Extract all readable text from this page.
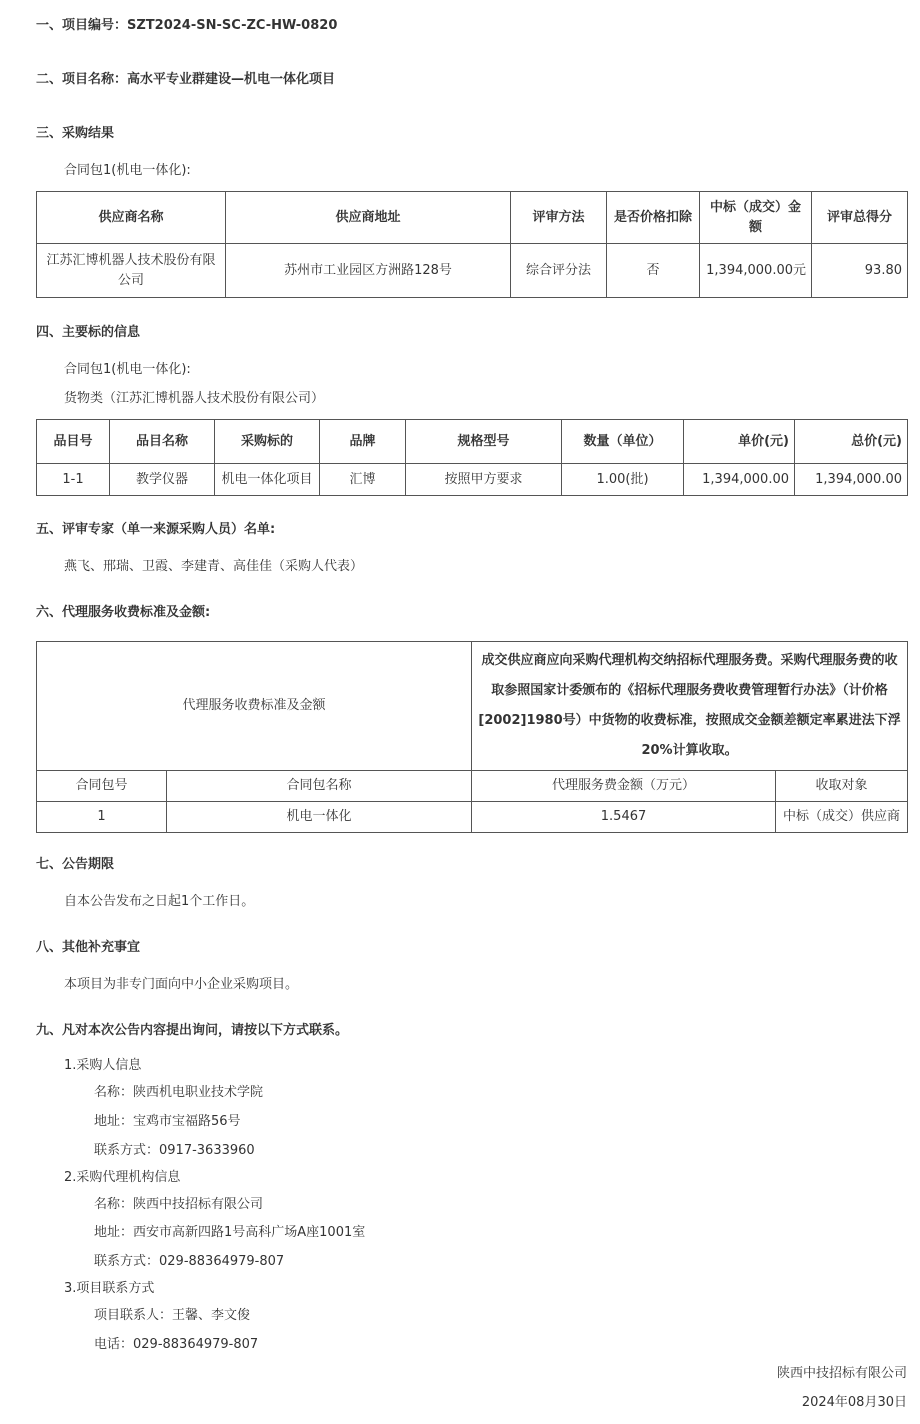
一、项目编号：SZT2024-SN-SC-ZC-HW-0820
二、项目名称：高水平专业群建设—机电一体化项目
三、采购结果
合同包1(机电一体化):
供应商名称	供应商地址	评审方法	是否价格扣除	中标（成交）金额	评审总得分
江苏汇博机器人技术股份有限公司	苏州市工业园区方洲路128号	综合评分法	否	1,394,000.00元	93.80
四、主要标的信息
合同包1(机电一体化):
货物类（江苏汇博机器人技术股份有限公司）
品目号	品目名称	采购标的	品牌	规格型号	数量（单位）	单价(元)	总价(元)
1-1	教学仪器	机电一体化项目	汇博	按照甲方要求	1.00(批)	1,394,000.00	1,394,000.00
五、评审专家（单一来源采购人员）名单:
燕飞、邢瑞、卫霞、李建青、高佳佳（采购人代表）
六、代理服务收费标准及金额:
代理服务收费标准及金额		成交供应商应向采购代理机构交纳招标代理服务费。采购代理服务费的收取参照国家计委颁布的《招标代理服务费收费管理暂行办法》（计价格[2002]1980号）中货物的收费标准，按照成交金额差额定率累进法下浮20%计算收取。	
合同包号	合同包名称	代理服务费金额（万元）	收取对象
1	机电一体化	1.5467	中标（成交）供应商
七、公告期限
自本公告发布之日起1个工作日。
八、其他补充事宜
本项目为非专门面向中小企业采购项目。
九、凡对本次公告内容提出询问，请按以下方式联系。
1.采购人信息
名称：陕西机电职业技术学院
地址：宝鸡市宝福路56号
联系方式：0917-3633960
2.采购代理机构信息
名称：陕西中技招标有限公司
地址：西安市高新四路1号高科广场A座1001室
联系方式：029-88364979-807
3.项目联系方式
项目联系人：王馨、李文俊
电话：029-88364979-807
陕西中技招标有限公司
2024年08月30日
